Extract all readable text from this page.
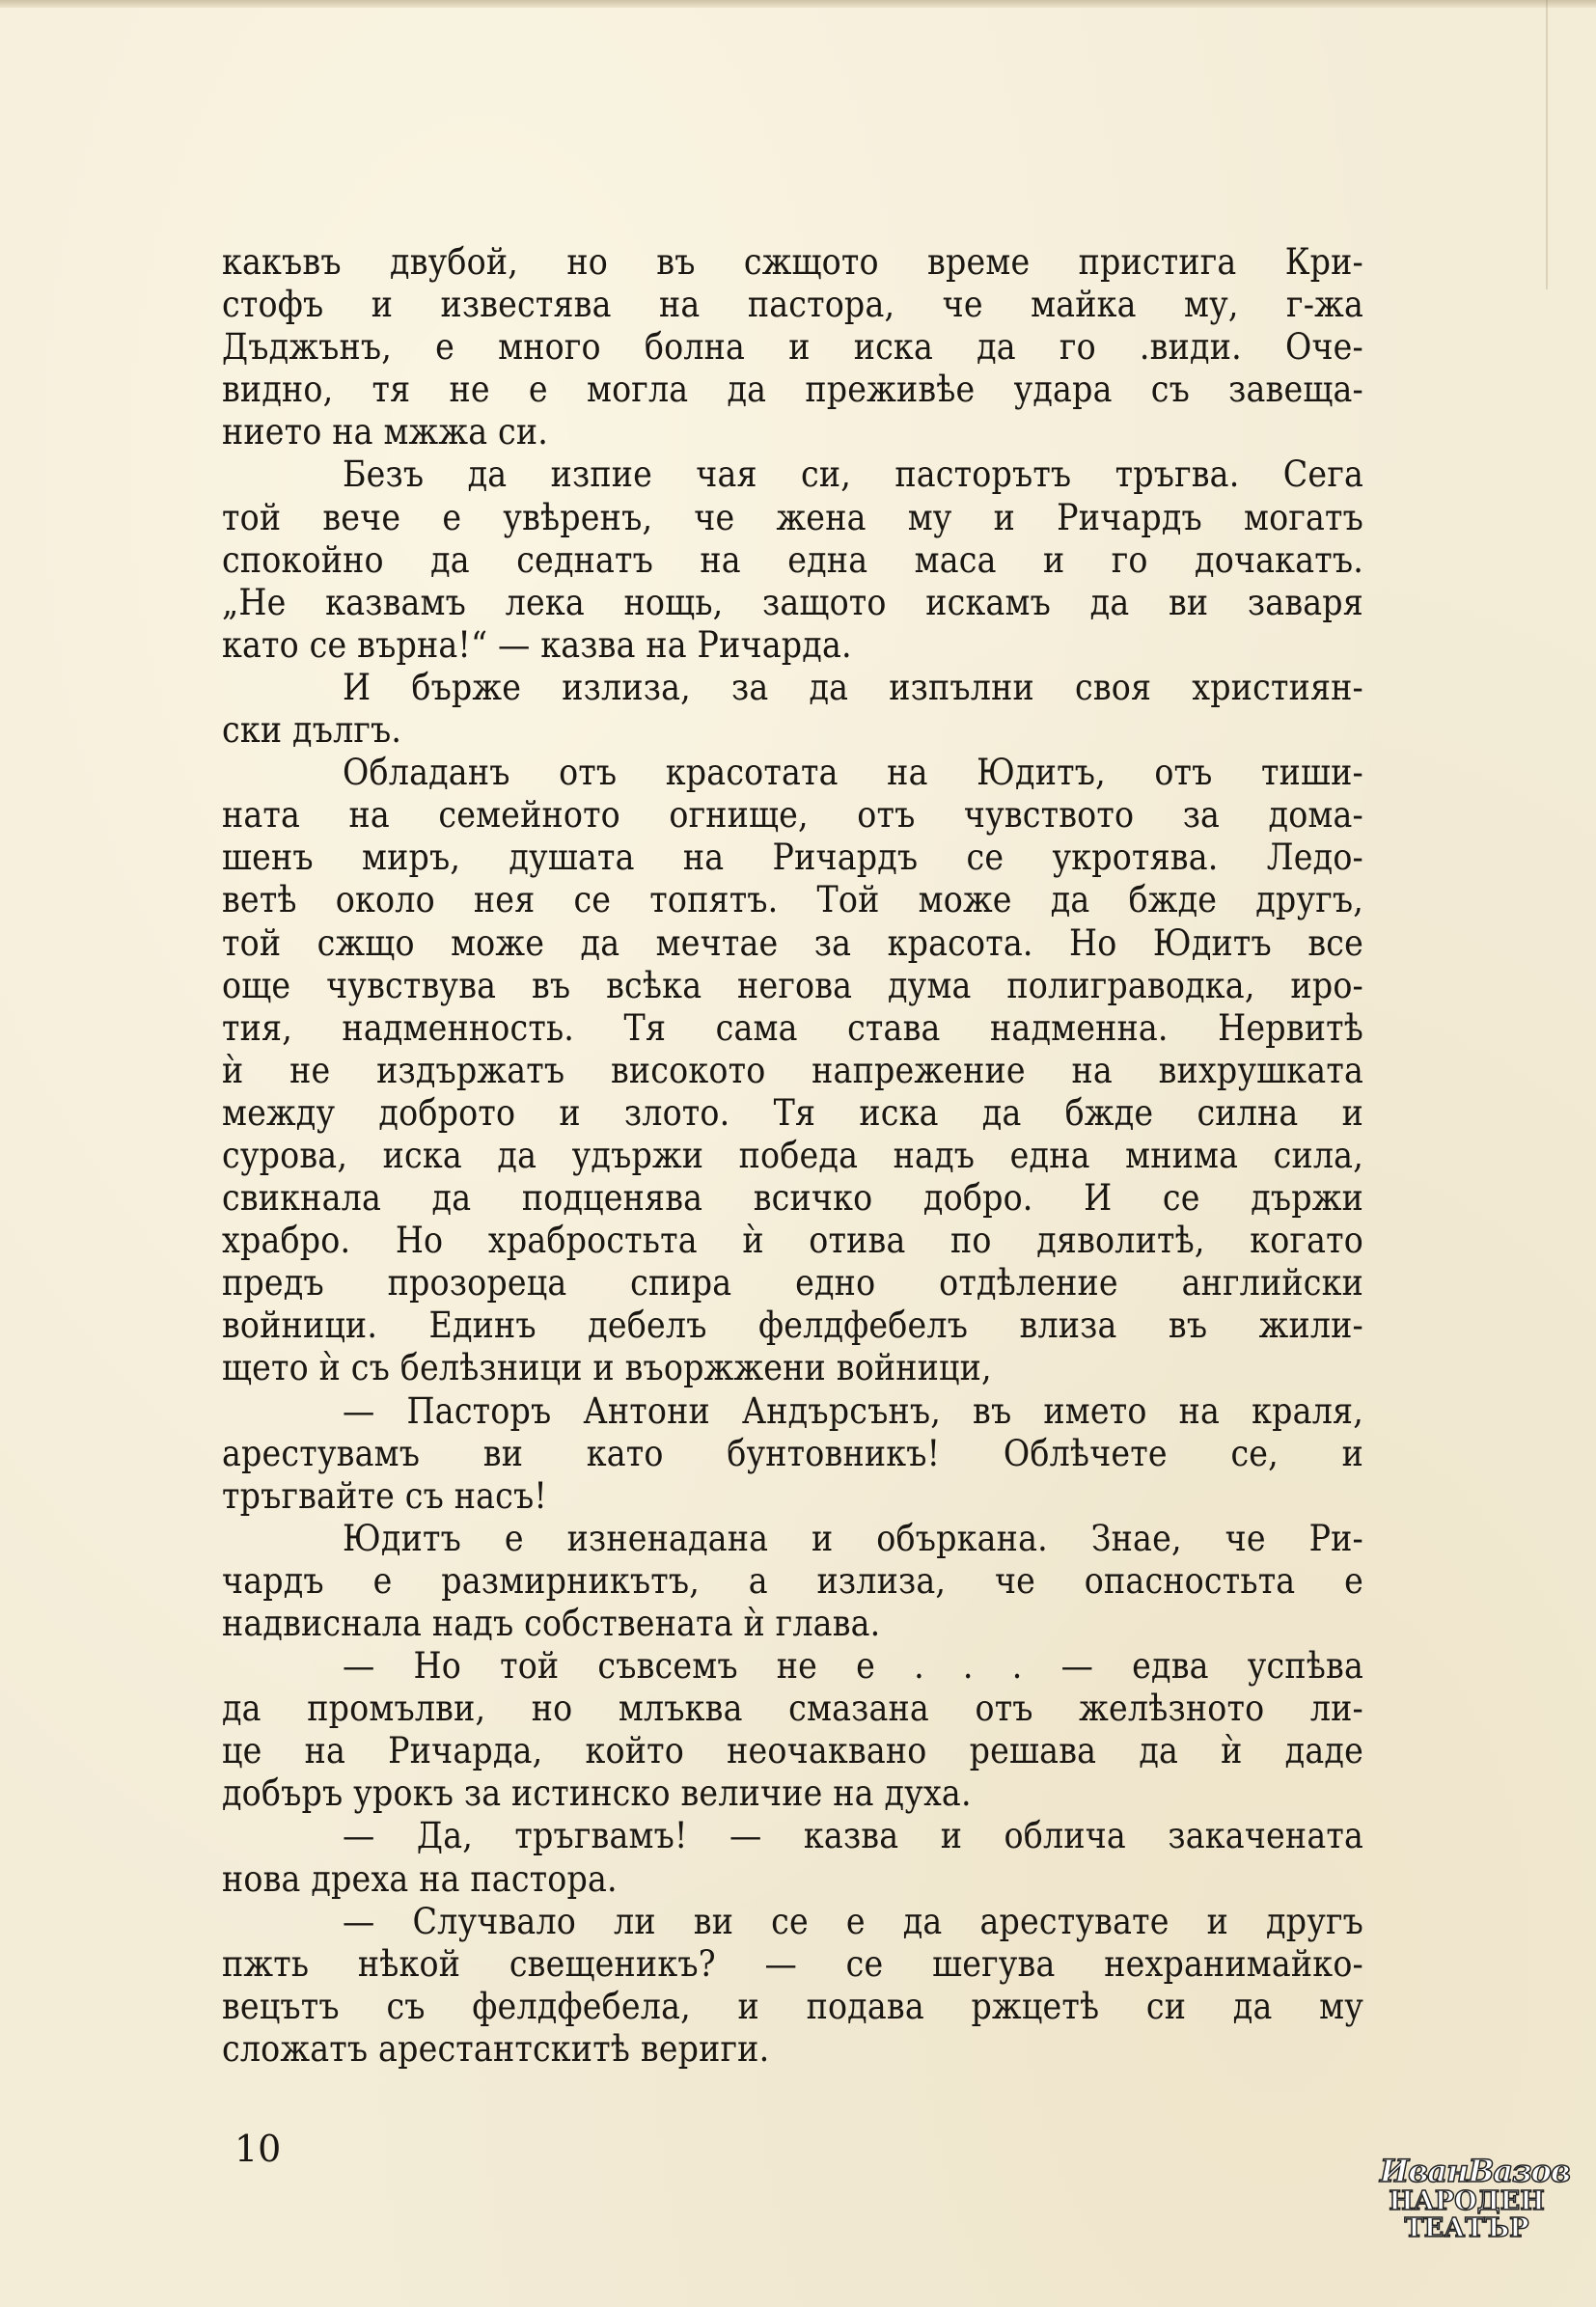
какъвъ двубой, но въ сжщото време пристига Кри-
стофъ и известява на пастора, че майка му, г-жа
Дъджънъ, е много болна и иска да го .види. Оче-
видно, тя не е могла да преживѣе удара съ завеща-
нието на мжжа си.
Безъ да изпие чая си, пасторътъ тръгва. Сега
той вече е увѣренъ, че жена му и Ричардъ могатъ
спокойно да седнатъ на една маса и го дочакатъ.
„Не казвамъ лека нощь, защото искамъ да ви заваря
като се върна!“ — казва на Ричарда.
И бърже излиза, за да изпълни своя християн-
ски дългъ.
Обладанъ отъ красотата на Юдитъ, отъ тиши-
ната на семейното огнище, отъ чувството за дома-
шенъ миръ, душата на Ричардъ се укротява. Ледо-
ветѣ около нея се топятъ. Той може да бжде другъ,
той сжщо може да мечтае за красота. Но Юдитъ все
още чувствува въ всѣка негова дума полиграводка, иро-
тия, надменность. Тя сама става надменна. Нервитѣ
ѝ не издържатъ високото напрежение на вихрушката
между доброто и злото. Тя иска да бжде силна и
сурова, иска да удържи победа надъ една мнима сила,
свикнала да подценява всичко добро. И се държи
храбро. Но храбростьта ѝ отива по дяволитѣ, когато
предъ прозореца спира едно отдѣление английски
войници. Единъ дебелъ фелдфебелъ влиза въ жили-
щето ѝ съ белѣзници и въоржжени войници,
— Пасторъ Антони Андърсънъ, въ името на краля,
арестувамъ ви като бунтовникъ! Облѣчете се, и
тръгвайте съ насъ!
Юдитъ е изненадана и объркана. Знае, че Ри-
чардъ е размирникътъ, а излиза, че опасностьта е
надвиснала надъ собствената ѝ глава.
— Но той съвсемъ не е . . . — едва успѣва
да промълви, но млъква смазана отъ желѣзното ли-
це на Ричарда, който неочаквано решава да ѝ даде
добъръ урокъ за истинско величие на духа.
— Да, тръгвамъ! — казва и облича закачената
нова дреха на пастора.
— Случвало ли ви се е да арестувате и другъ
пжть нѣкой свещеникъ? — се шегува нехранимайко-
вецътъ съ фелдфебела, и подава ржцетѣ си да му
сложатъ арестантскитѣ вериги.
10
ИванВазов
НАРОДЕН
ТЕАТЪР
